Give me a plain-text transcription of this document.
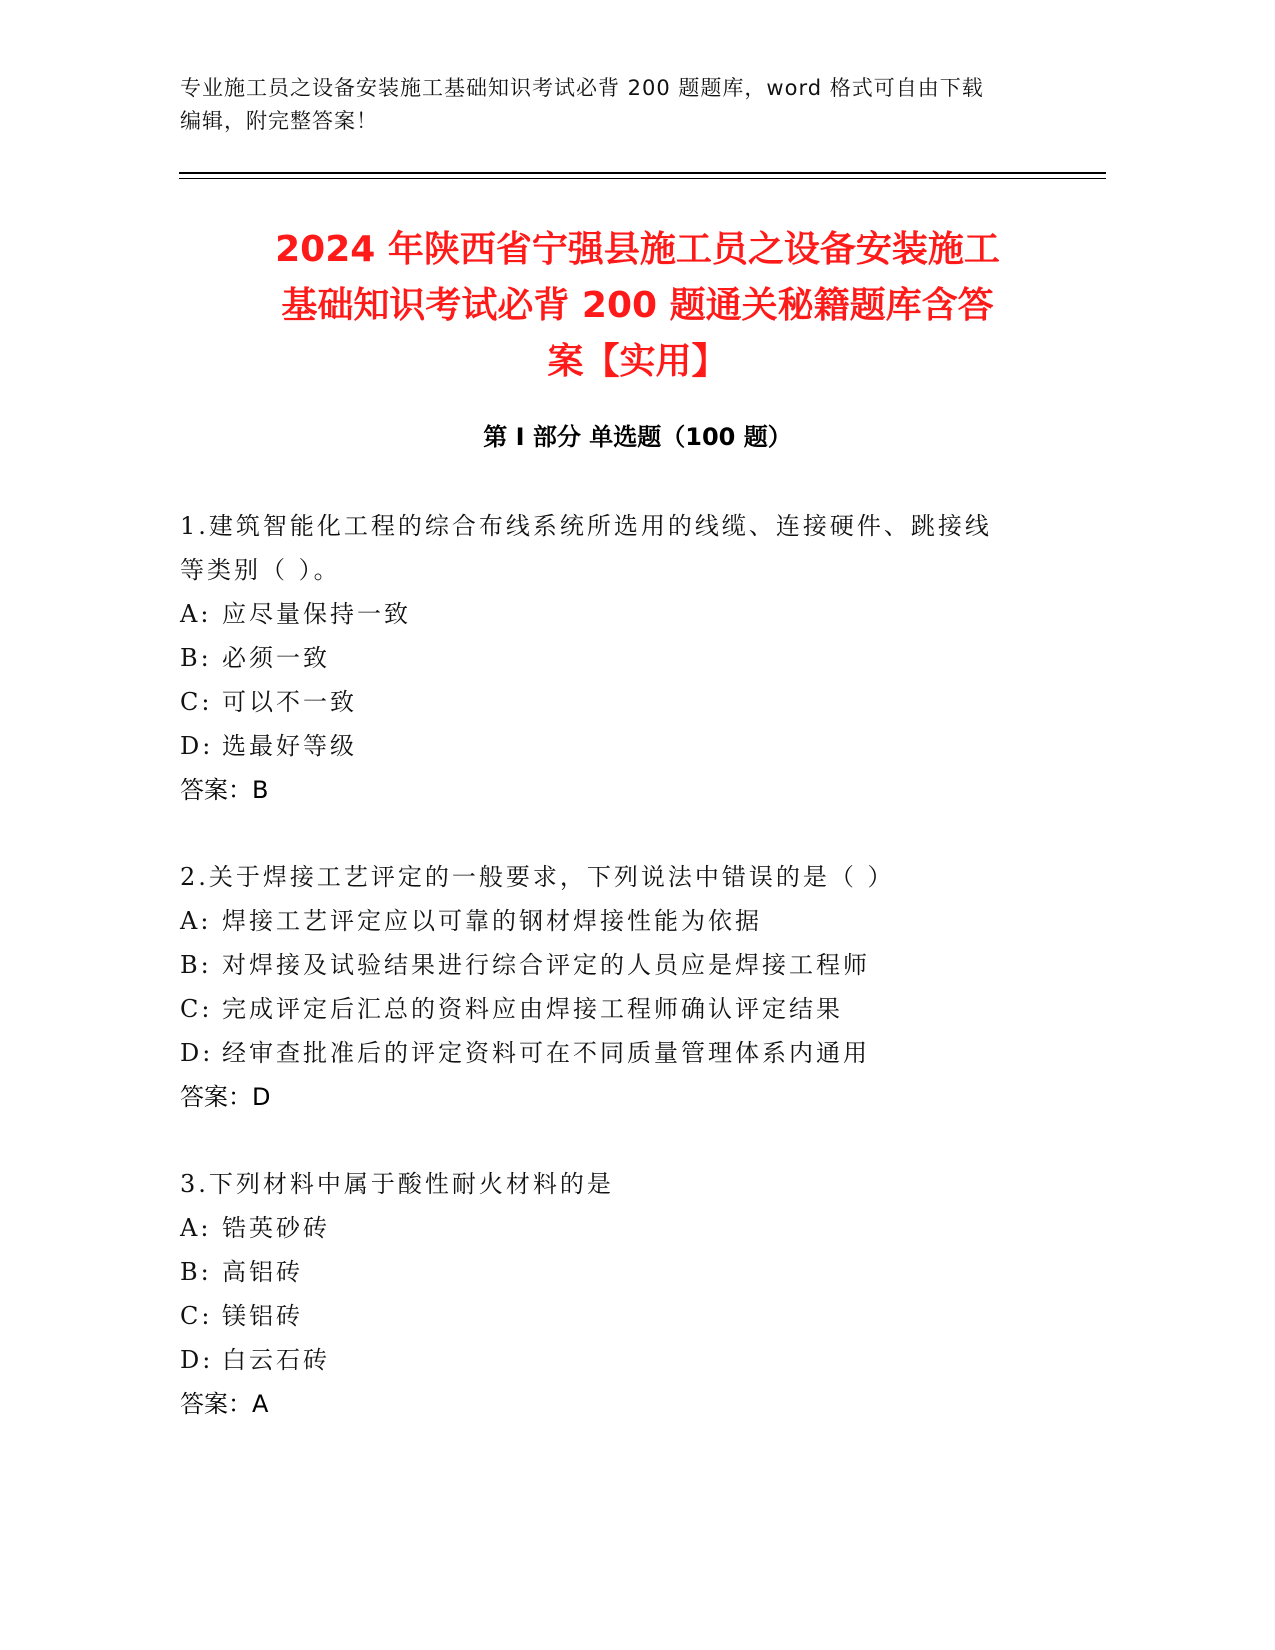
专业施工员之设备安装施工基础知识考试必背 200 题题库，word 格式可自由下载
编辑，附完整答案！
2024 年陕西省宁强县施工员之设备安装施工
基础知识考试必背 200 题通关秘籍题库含答
案【实用】
第 I 部分 单选题（100 题）
1.建筑智能化工程的综合布线系统所选用的线缆、连接硬件、跳接线
等类别（ ）。
A: 应尽量保持一致
B: 必须一致
C: 可以不一致
D: 选最好等级
答案：B
2.关于焊接工艺评定的一般要求，下列说法中错误的是（ ）
A: 焊接工艺评定应以可靠的钢材焊接性能为依据
B: 对焊接及试验结果进行综合评定的人员应是焊接工程师
C: 完成评定后汇总的资料应由焊接工程师确认评定结果
D: 经审查批准后的评定资料可在不同质量管理体系内通用
答案：D
3.下列材料中属于酸性耐火材料的是
A: 锆英砂砖
B: 高铝砖
C: 镁铝砖
D: 白云石砖
答案：A
